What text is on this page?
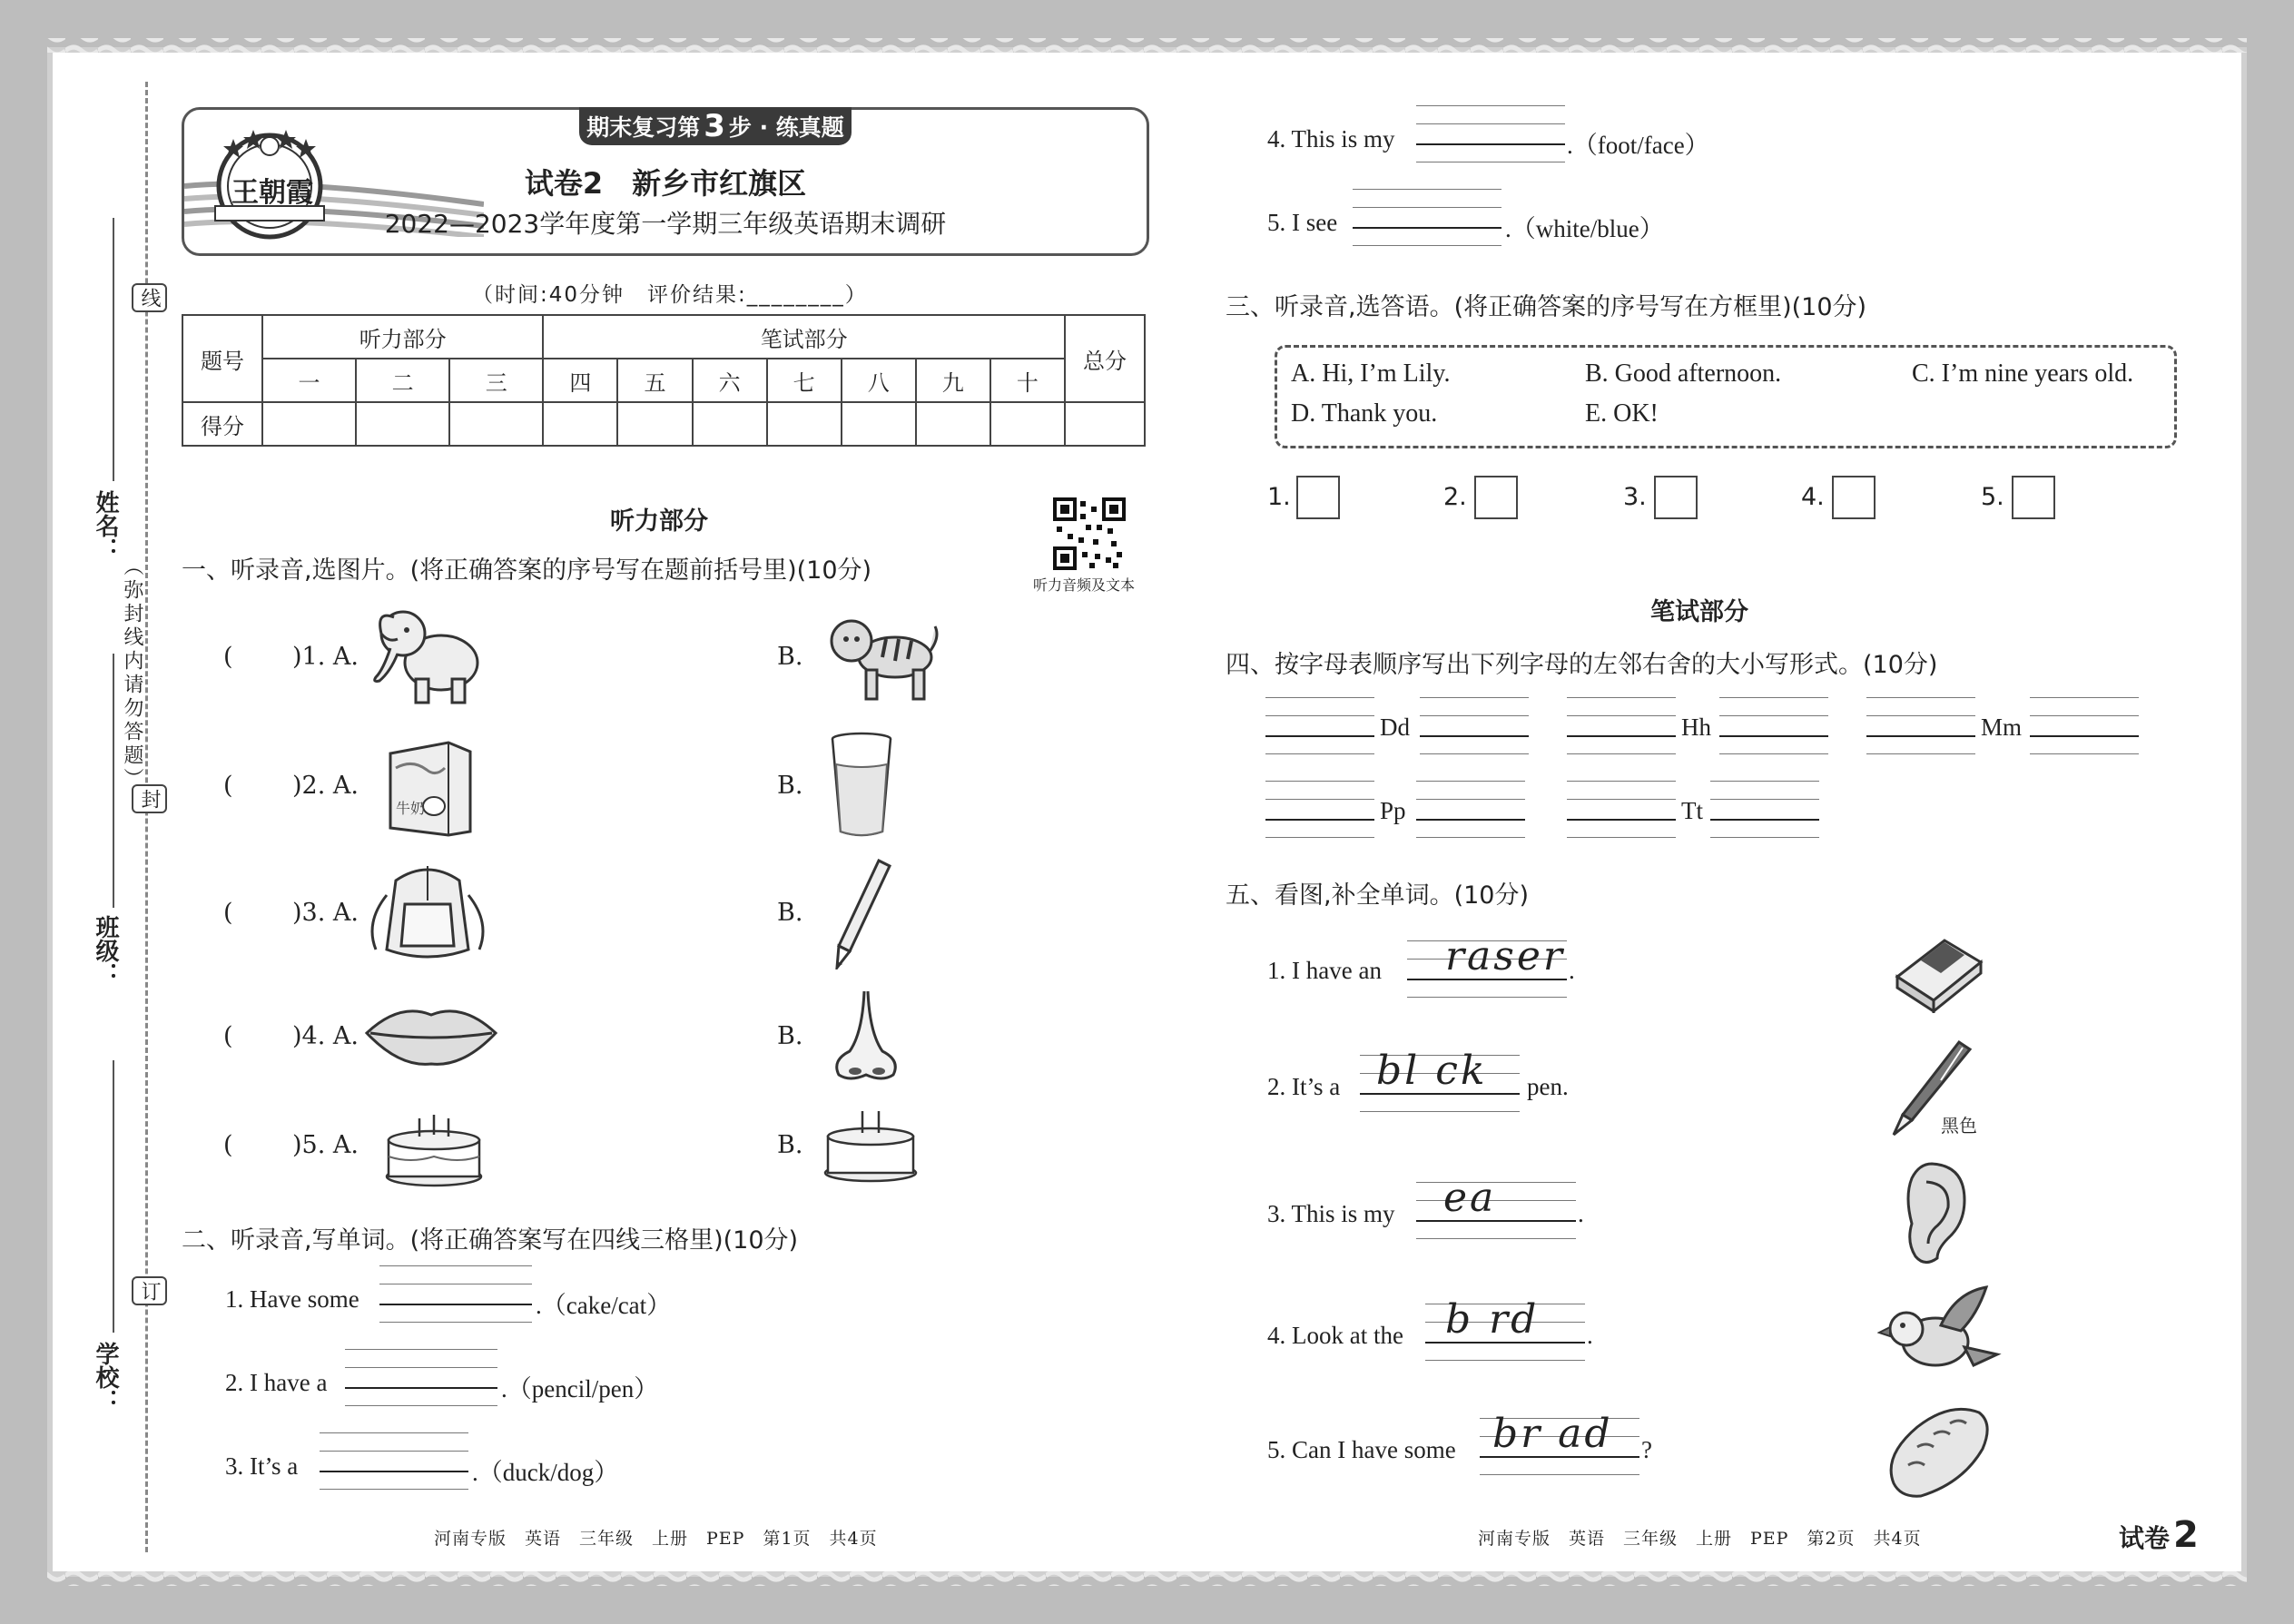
线
封
订
（弥封线内请勿答题）
姓名：
班级：
学校：
期末复习第 3 步 · 练真题
王朝霞	试卷2　新乡市红旗区
2022—2023学年度第一学期三年级英语期末调研
（时间:40分钟　评价结果:________）
题号	听力部分			笔试部分							总分
	一	二	三	四	五	六	七	八	九	十	
得分											
听力部分
听力音频及文本
一、听录音,选图片。(将正确答案的序号写在题前括号里)(10分)
( )1. A.	B.
( )2. A.
牛奶
B.
( )3. A.	B.
( )4. A.	B.
( )5. A.	B.
二、听录音,写单词。(将正确答案写在四线三格里)(10分)
1. Have some	.（cake/cat）
2. I have a	.（pencil/pen）
3. It’s a	.（duck/dog）
4. This is my	.（foot/face）
5. I see	.（white/blue）
三、听录音,选答语。(将正确答案的序号写在方框里)(10分)
A. Hi, I’m Lily.	B. Good afternoon.	C. I’m nine years old.
D. Thank you.	E. OK!
1.	2.	3.	4.	5.
笔试部分
四、按字母表顺序写出下列字母的左邻右舍的大小写形式。(10分)
Dd	Hh	Mm
Pp	Tt
五、看图,补全单词。(10分)
1. I have an raser .
2. It’s a bl ck pen.
黑色
3. This is my ea	.
4. Look at the b rd .
5. Can I have some br ad ?
河南专版　英语　三年级　上册　PEP　第1页　共4页	河南专版　英语　三年级　上册　PEP　第2页　共4页	试卷 2
